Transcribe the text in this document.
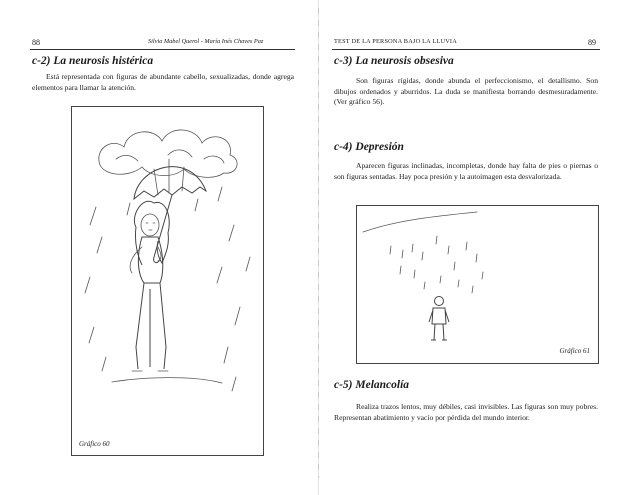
88	Silvia Mabel Querol - María Inés Chaves Paz
c-2) La neurosis histérica
Está representada con figuras de abundante cabello, sexualizadas, donde agrega elementos para llamar la atención.
Gráfico 60
TEST DE LA PERSONA BAJO LA LLUVIA	89
c-3) La neurosis obsesiva
Son figuras rígidas, donde abunda el perfeccionismo, el detallismo. Son dibujos ordenados y aburridos. La duda se manifiesta borrando desmesuradamente. (Ver gráfico 56).
c-4) Depresión
Aparecen figuras inclinadas, incompletas, donde hay falta de pies o piernas o son figuras sentadas. Hay poca presión y la autoimagen esta desvalorizada.
Gráfico 61
c-5) Melancolía
Realiza trazos lentos, muy débiles, casi invisibles. Las figuras son muy pobres. Representan abatimiento y vacío por pérdida del mundo interior.
